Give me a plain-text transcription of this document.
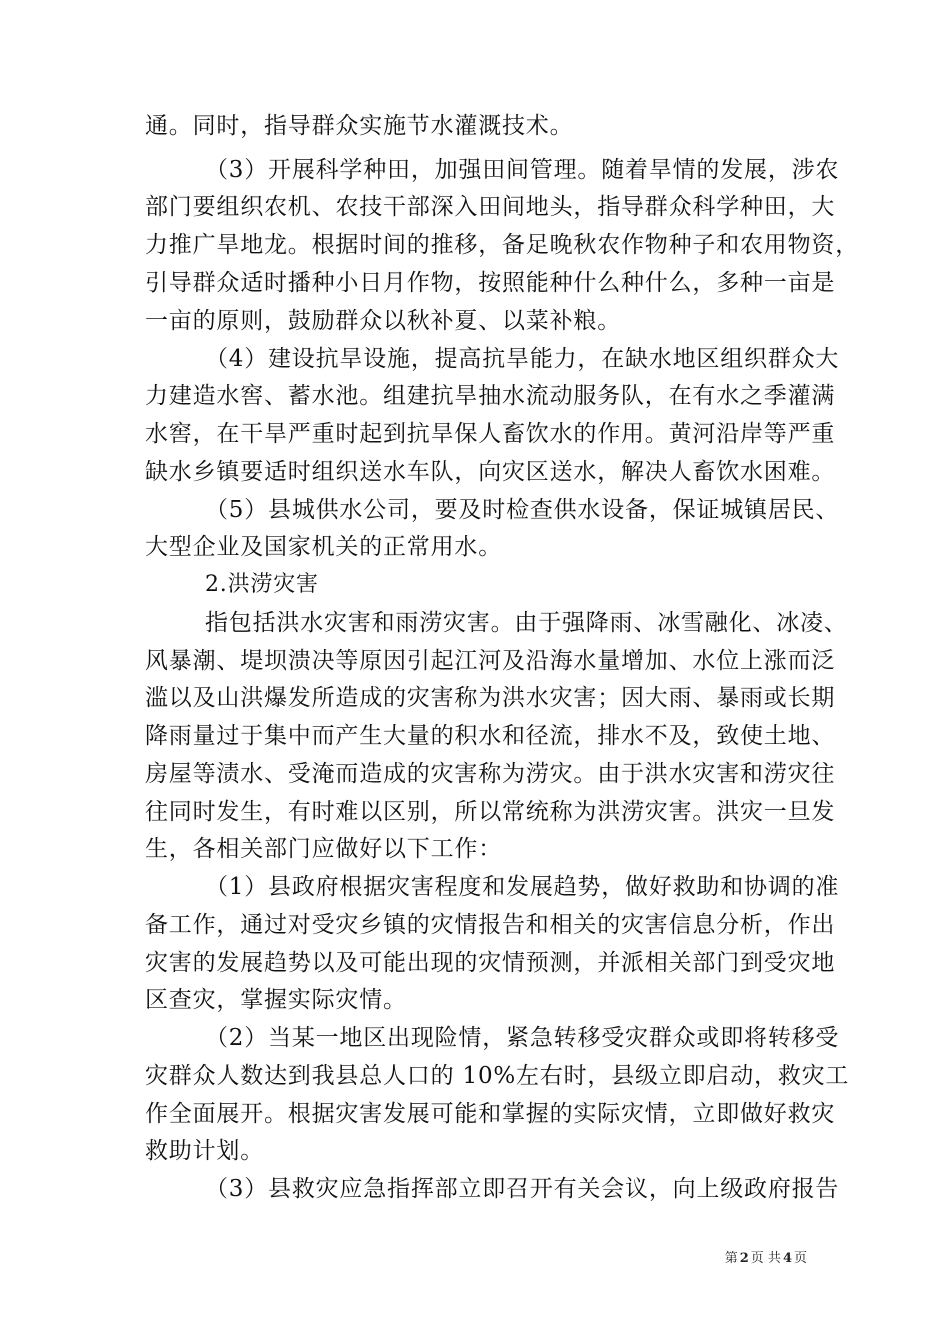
通。同时，指导群众实施节水灌溉技术。
（3）开展科学种田，加强田间管理。随着旱情的发展，涉农
部门要组织农机、农技干部深入田间地头，指导群众科学种田，大
力推广旱地龙。根据时间的推移，备足晚秋农作物种子和农用物资，
引导群众适时播种小日月作物，按照能种什么种什么，多种一亩是
一亩的原则，鼓励群众以秋补夏、以菜补粮。
（4）建设抗旱设施，提高抗旱能力，在缺水地区组织群众大
力建造水窖、蓄水池。组建抗旱抽水流动服务队，在有水之季灌满
水窖，在干旱严重时起到抗旱保人畜饮水的作用。黄河沿岸等严重
缺水乡镇要适时组织送水车队，向灾区送水，解决人畜饮水困难。
（5）县城供水公司，要及时检查供水设备，保证城镇居民、
大型企业及国家机关的正常用水。
2.洪涝灾害
指包括洪水灾害和雨涝灾害。由于强降雨、冰雪融化、冰凌、
风暴潮、堤坝溃决等原因引起江河及沿海水量增加、水位上涨而泛
滥以及山洪爆发所造成的灾害称为洪水灾害；因大雨、暴雨或长期
降雨量过于集中而产生大量的积水和径流，排水不及，致使土地、
房屋等渍水、受淹而造成的灾害称为涝灾。由于洪水灾害和涝灾往
往同时发生，有时难以区别，所以常统称为洪涝灾害。洪灾一旦发
生，各相关部门应做好以下工作：
（1）县政府根据灾害程度和发展趋势，做好救助和协调的准
备工作，通过对受灾乡镇的灾情报告和相关的灾害信息分析，作出
灾害的发展趋势以及可能出现的灾情预测，并派相关部门到受灾地
区查灾，掌握实际灾情。
（2）当某一地区出现险情，紧急转移受灾群众或即将转移受
灾群众人数达到我县总人口的 10%左右时，县级立即启动，救灾工
作全面展开。根据灾害发展可能和掌握的实际灾情，立即做好救灾
救助计划。
（3）县救灾应急指挥部立即召开有关会议，向上级政府报告
第 2 页 共 4 页
